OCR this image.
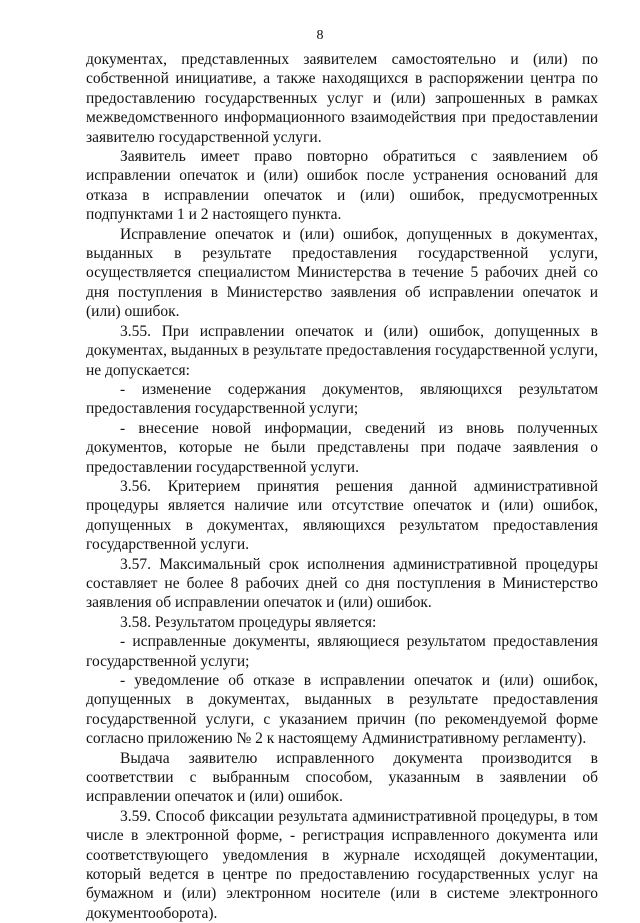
8

документах, представленных заявителем самостоятельно и (или) по собственной инициативе, а также находящихся в распоряжении центра по предоставлению государственных услуг и (или) запрошенных в рамках межведомственного информационного взаимодействия при предоставлении заявителю государственной услуги.

Заявитель имеет право повторно обратиться с заявлением об исправлении опечаток и (или) ошибок после устранения оснований для отказа в исправлении опечаток и (или) ошибок, предусмотренных подпунктами 1 и 2 настоящего пункта.

Исправление опечаток и (или) ошибок, допущенных в документах, выданных в результате предоставления государственной услуги, осуществляется специалистом Министерства в течение 5 рабочих дней со дня поступления в Министерство заявления об исправлении опечаток и (или) ошибок.

3.55. При исправлении опечаток и (или) ошибок, допущенных в документах, выданных в результате предоставления государственной услуги, не допускается:

- изменение содержания документов, являющихся результатом предоставления государственной услуги;

- внесение новой информации, сведений из вновь полученных документов, которые не были представлены при подаче заявления о предоставлении государственной услуги.

3.56. Критерием принятия решения данной административной процедуры является наличие или отсутствие опечаток и (или) ошибок, допущенных в документах, являющихся результатом предоставления государственной услуги.

3.57. Максимальный срок исполнения административной процедуры составляет не более 8 рабочих дней со дня поступления в Министерство заявления об исправлении опечаток и (или) ошибок.

3.58. Результатом процедуры является:

- исправленные документы, являющиеся результатом предоставления государственной услуги;

- уведомление об отказе в исправлении опечаток и (или) ошибок, допущенных в документах, выданных в результате предоставления государственной услуги, с указанием причин (по рекомендуемой форме согласно приложению № 2 к настоящему Административному регламенту).

Выдача заявителю исправленного документа производится в соответствии с выбранным способом, указанным в заявлении об исправлении опечаток и (или) ошибок.

3.59. Способ фиксации результата административной процедуры, в том числе в электронной форме, - регистрация исправленного документа или соответствующего уведомления в журнале исходящей документации, который ведется в центре по предоставлению государственных услуг на бумажном и (или) электронном носителе (или в системе электронного документооборота).
